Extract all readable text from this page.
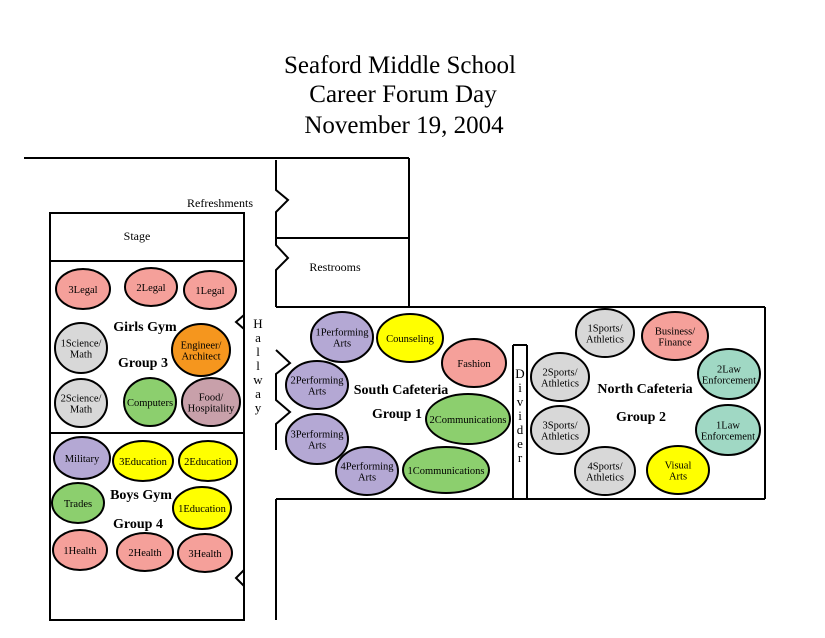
Seaford Middle School
Career Forum Day
November 19, 2004
Refreshments
Stage
Restrooms
Girls Gym
Group 3
Boys Gym
Group 4
South Cafeteria
Group 1
North Cafeteria
Group 2
H
a
l
l
w
a
y
D
i
v
i
d
e
r
3Legal	2Legal	1Legal
1Science/
Math
Engineer/
Architect
2Science/
Math
Computers Food/
Hospitality
Military 3Education 2Education
Trades	1Education
1Health	2Health	3Health
1Performing
Arts	Counseling
Fashion
2Performing
Arts
2Communications
3Performing
Arts
4Performing
Arts
1Communications
1Sports/
Athletics
Business/
Finance
2Sports/
Athletics
2Law
Enforcement
3Sports/
Athletics
1Law
Enforcement
4Sports/
Athletics
Visual
Arts
